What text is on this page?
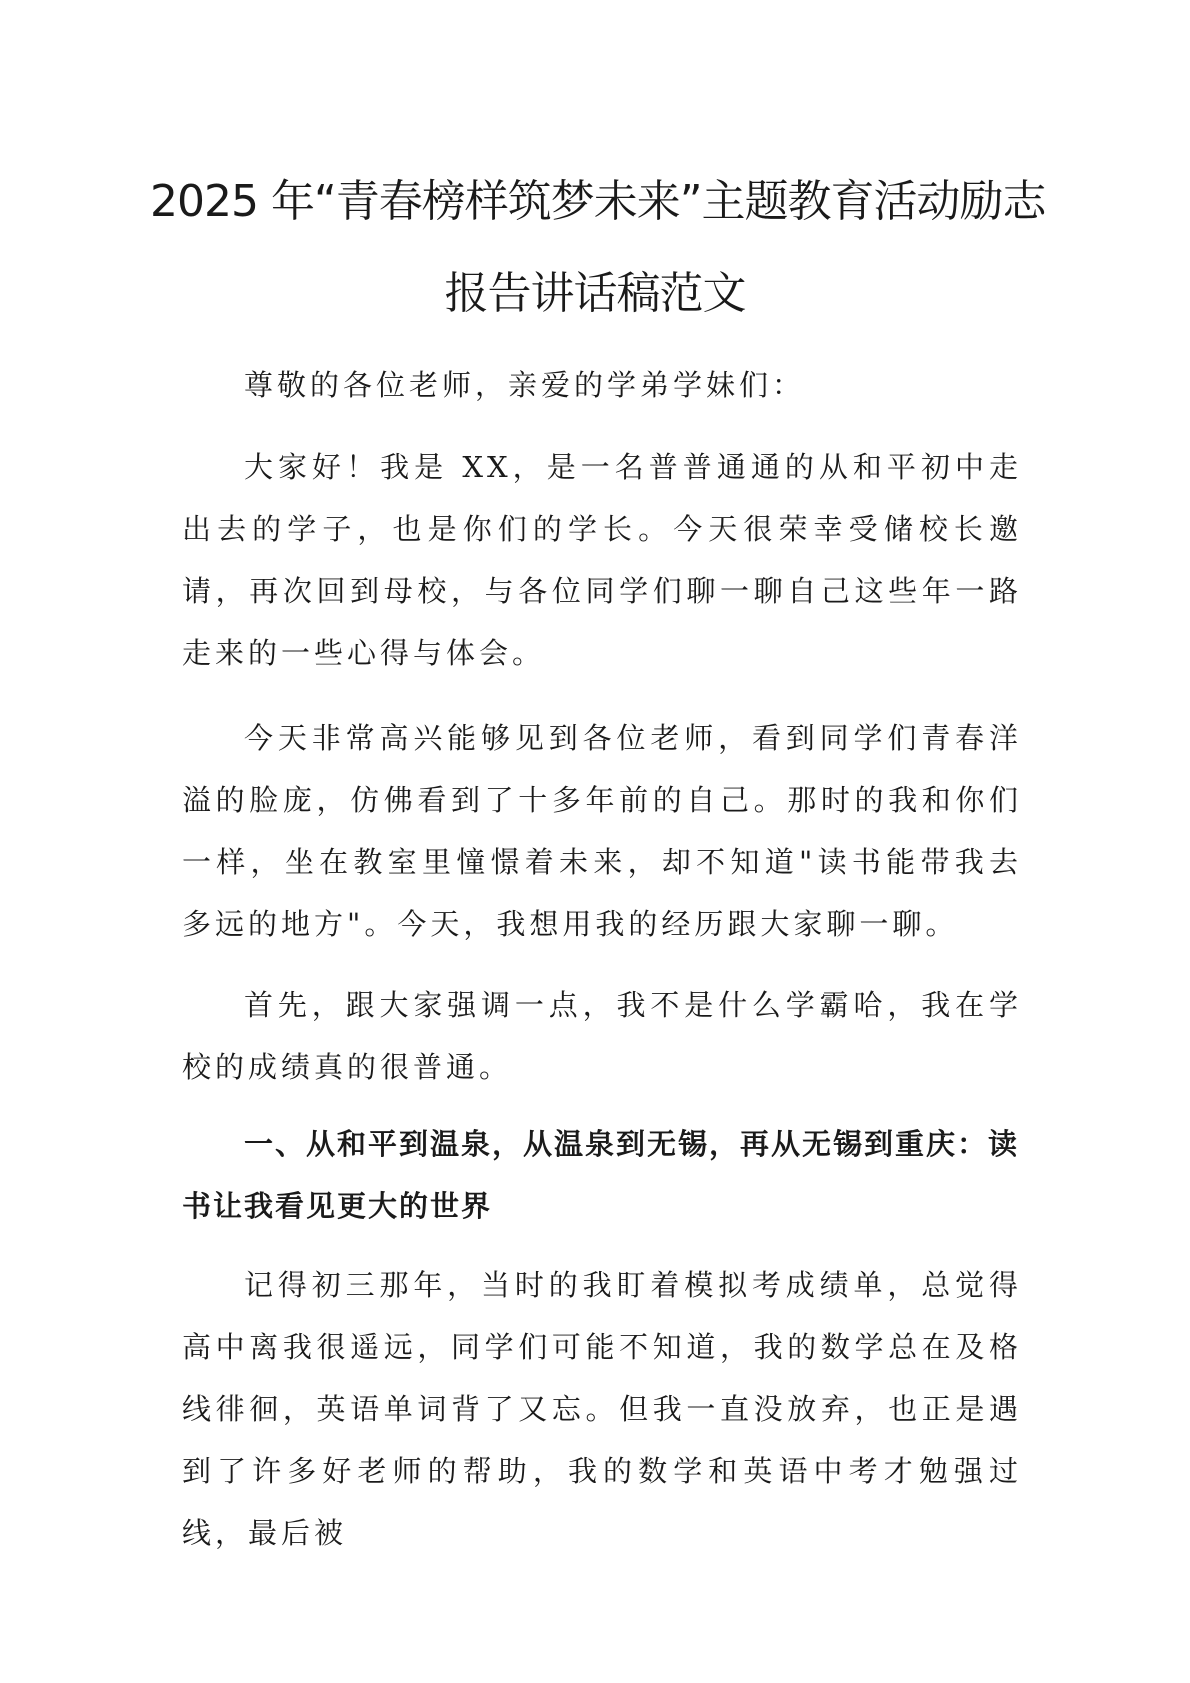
2025 年“青春榜样筑梦未来”主题教育活动励志
报告讲话稿范文

尊敬的各位老师，亲爱的学弟学妹们：

大家好！我是 XX，是一名普普通通的从和平初中走出去的学子，也是你们的学长。今天很荣幸受储校长邀请，再次回到母校，与各位同学们聊一聊自己这些年一路走来的一些心得与体会。

今天非常高兴能够见到各位老师，看到同学们青春洋溢的脸庞，仿佛看到了十多年前的自己。那时的我和你们一样，坐在教室里憧憬着未来，却不知道"读书能带我去多远的地方"。今天，我想用我的经历跟大家聊一聊。

首先，跟大家强调一点，我不是什么学霸哈，我在学校的成绩真的很普通。

一、从和平到温泉，从温泉到无锡，再从无锡到重庆：读书让我看见更大的世界

记得初三那年，当时的我盯着模拟考成绩单，总觉得高中离我很遥远，同学们可能不知道，我的数学总在及格线徘徊，英语单词背了又忘。但我一直没放弃，也正是遇到了许多好老师的帮助，我的数学和英语中考才勉强过线，最后被
